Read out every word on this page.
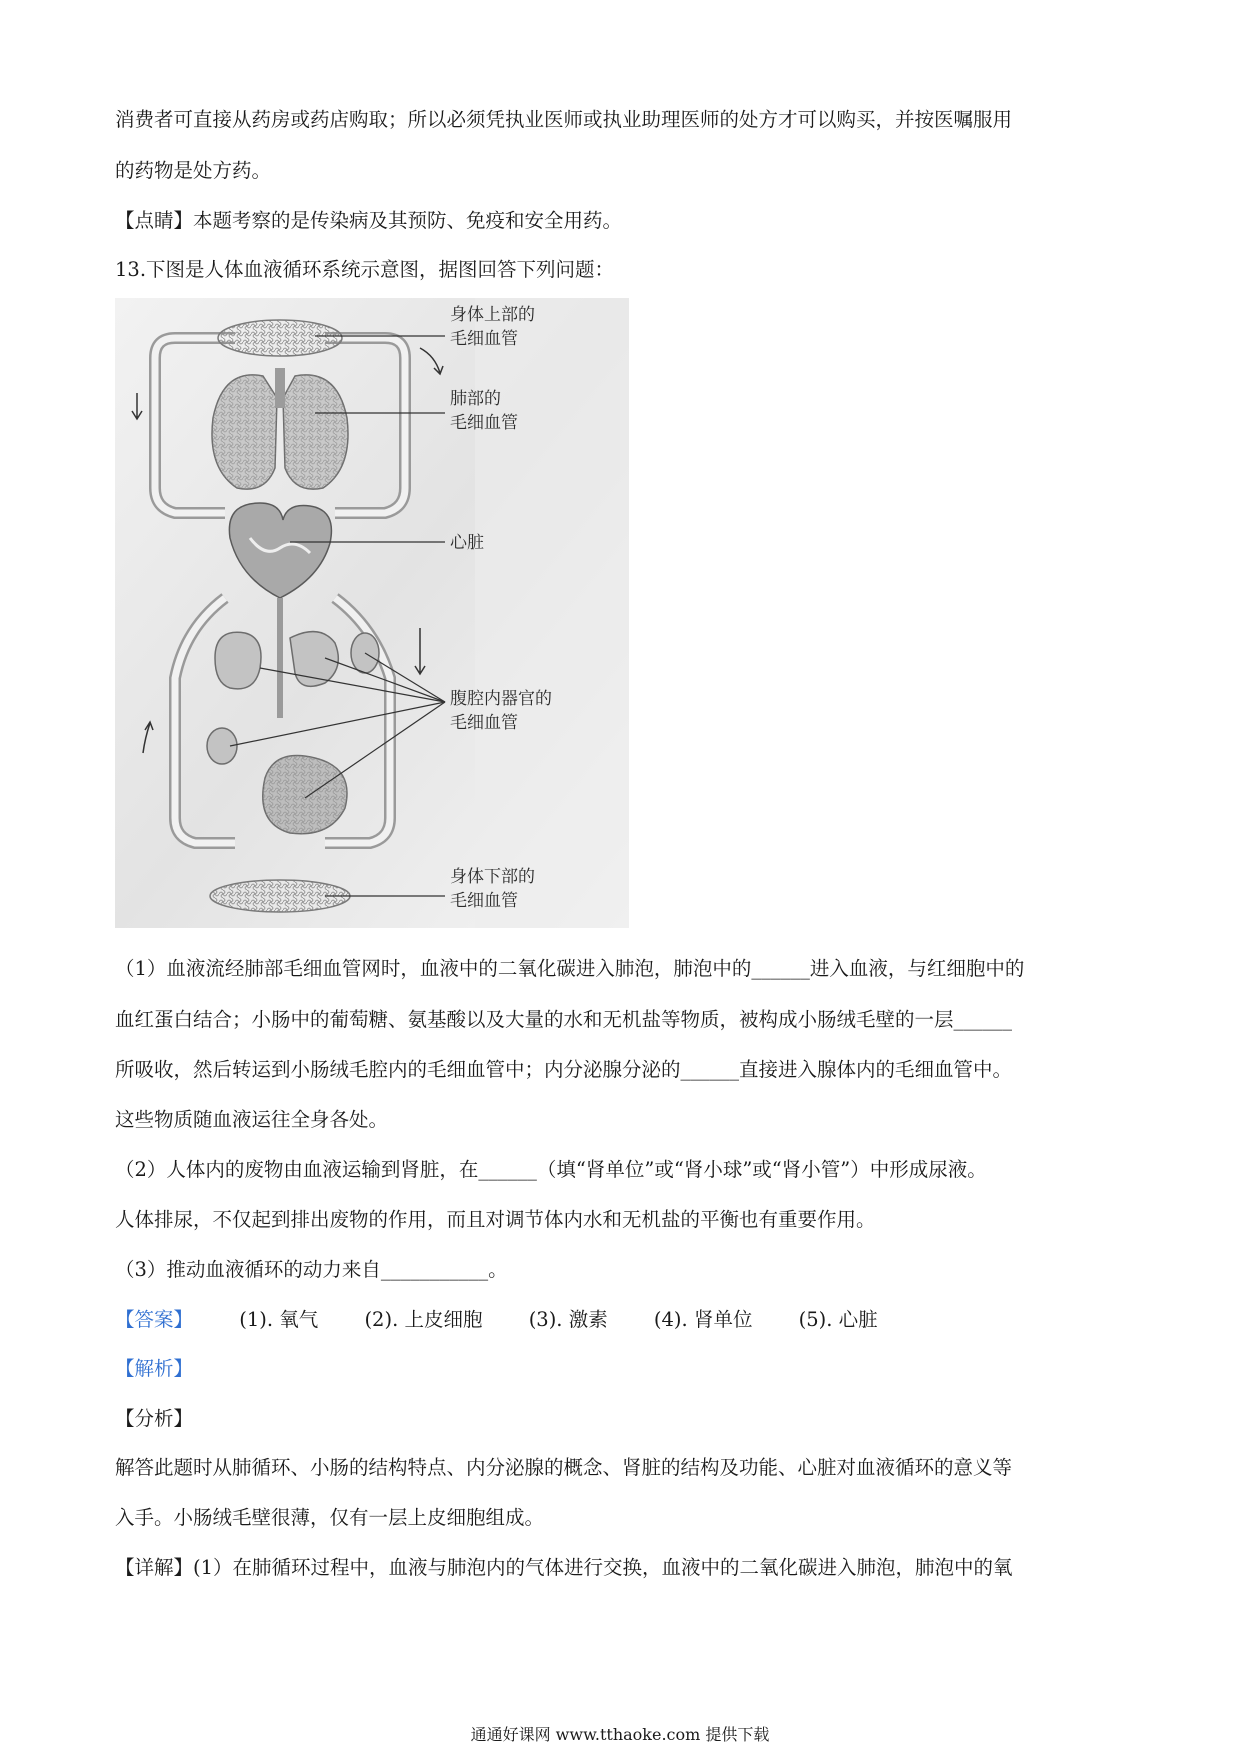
消费者可直接从药房或药店购取；所以必须凭执业医师或执业助理医师的处方才可以购买，并按医嘱服用
的药物是处方药。
【点睛】本题考察的是传染病及其预防、免疫和安全用药。
13.下图是人体血液循环系统示意图，据图回答下列问题：
身体上部的
毛细血管
肺部的
毛细血管
心脏
腹腔内器官的
毛细血管
身体下部的
毛细血管
（1）血液流经肺部毛细血管网时，血液中的二氧化碳进入肺泡，肺泡中的______进入血液，与红细胞中的
血红蛋白结合；小肠中的葡萄糖、氨基酸以及大量的水和无机盐等物质，被构成小肠绒毛壁的一层______
所吸收，然后转运到小肠绒毛腔内的毛细血管中；内分泌腺分泌的______直接进入腺体内的毛细血管中。
这些物质随血液运往全身各处。
（2）人体内的废物由血液运输到肾脏，在______（填“肾单位”或“肾小球”或“肾小管”）中形成尿液。
人体排尿，不仅起到排出废物的作用，而且对调节体内水和无机盐的平衡也有重要作用。
（3）推动血液循环的动力来自___________。
【答案】 (1). 氧气 (2). 上皮细胞 (3). 激素 (4). 肾单位 (5). 心脏
【解析】
【分析】
解答此题时从肺循环、小肠的结构特点、内分泌腺的概念、肾脏的结构及功能、心脏对血液循环的意义等
入手。小肠绒毛壁很薄，仅有一层上皮细胞组成。
【详解】(1）在肺循环过程中，血液与肺泡内的气体进行交换，血液中的二氧化碳进入肺泡，肺泡中的氧
通通好课网 www.tthaoke.com 提供下载
